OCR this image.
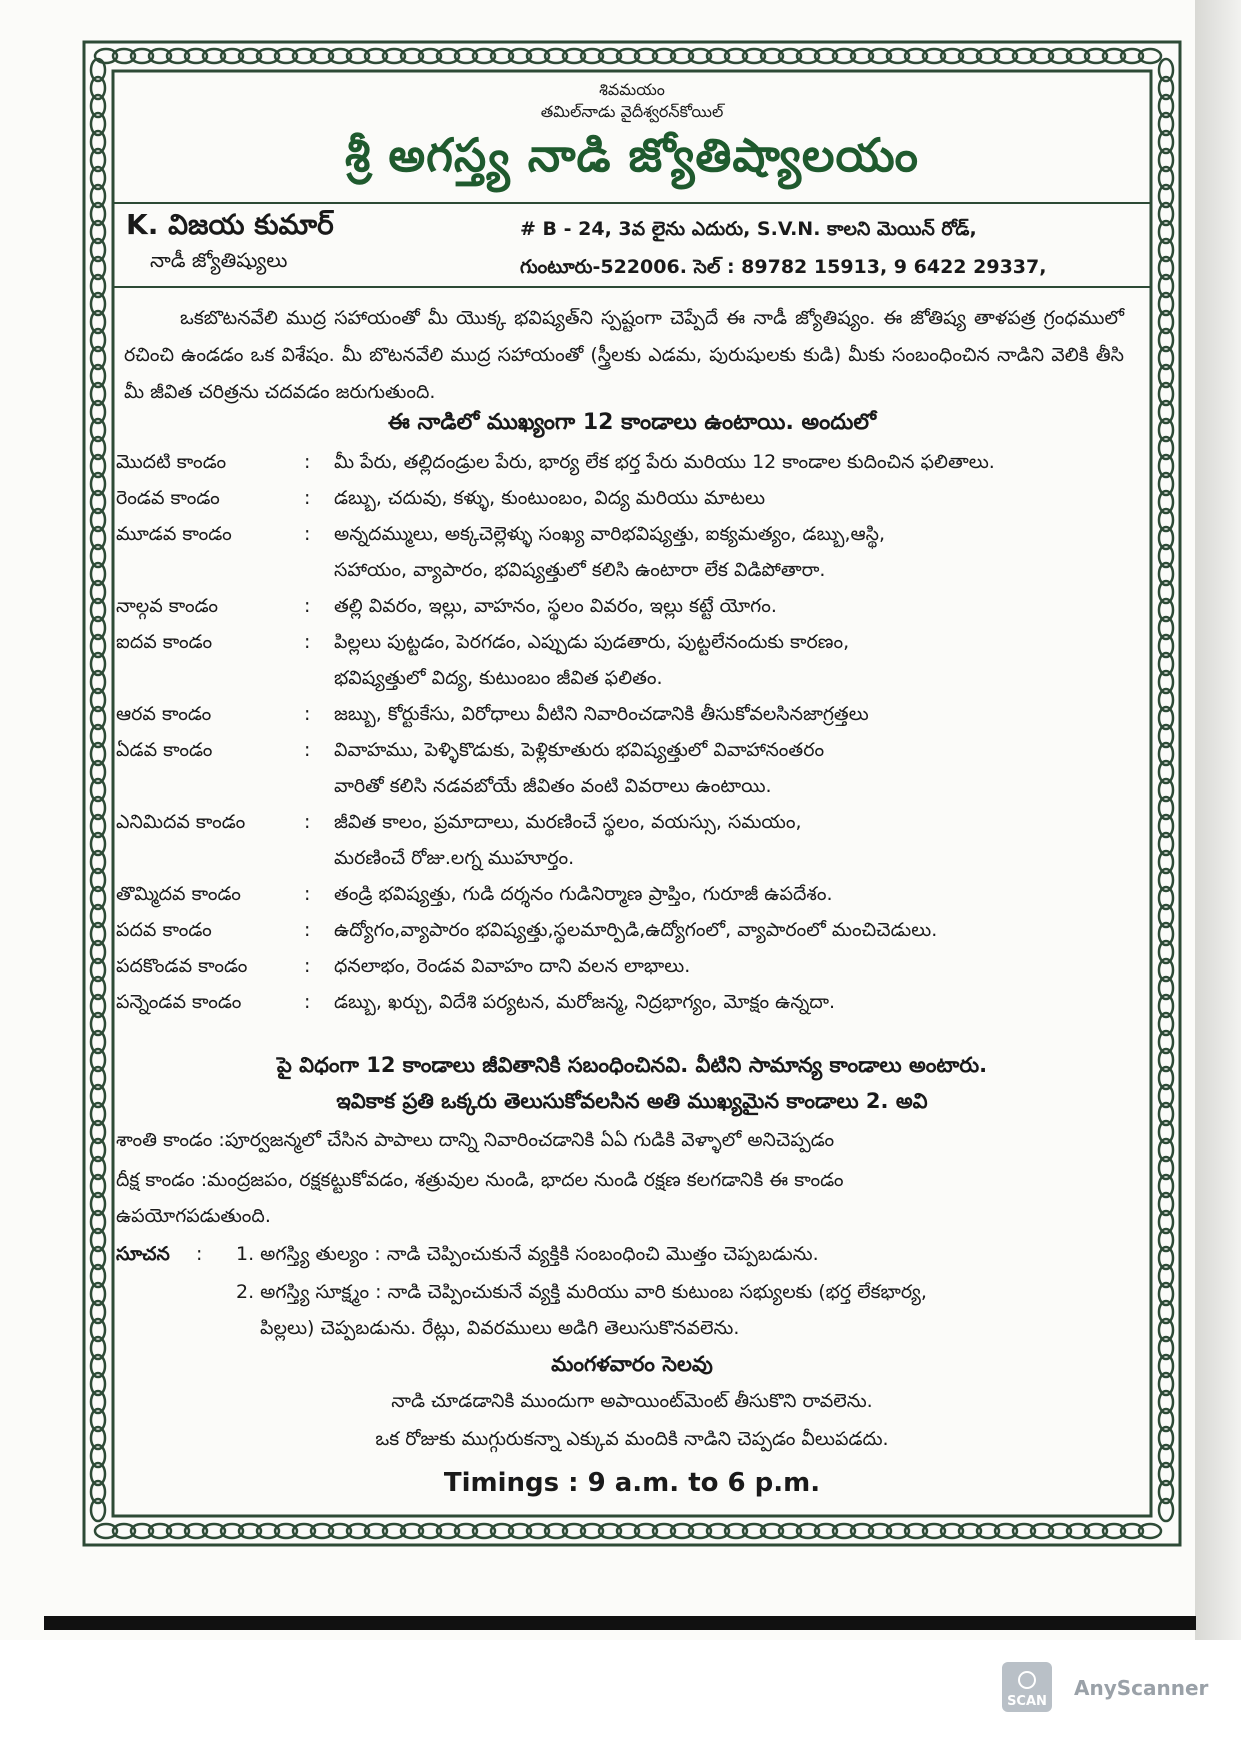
శివమయం
తమిల్‌నాడు వైదీశ్వరన్‌కోయిల్
శ్రీ అగస్త్య నాడి జ్యోతిష్యాలయం
K. విజయ కుమార్
నాడీ జ్యోతిష్యులు
# B - 24, 3వ లైను ఎదురు, S.V.N. కాలని మెయిన్ రోడ్,
గుంటూరు-522006. సెల్ : 89782 15913, 9 6422 29337,
ఒకబొటనవేలి ముద్ర సహాయంతో మీ యొక్క భవిష్యత్‌ని స్పష్టంగా చెప్పేదే ఈ నాడీ జ్యోతిష్యం. ఈ జోతిష్య తాళపత్ర గ్రంధములో రచించి ఉండడం ఒక విశేషం. మీ బొటనవేలి ముద్ర సహాయంతో (స్త్రీలకు ఎడమ, పురుషులకు కుడి) మీకు సంబంధించిన నాడిని వెలికి తీసి మీ జీవిత చరిత్రను చదవడం జరుగుతుంది.
ఈ నాడిలో ముఖ్యంగా 12 కాండాలు ఉంటాయి. అందులో
మొదటి కాండం	: మీ పేరు, తల్లిదండ్రుల పేరు, భార్య లేక భర్త పేరు మరియు 12 కాండాల కుదించిన ఫలితాలు.
రెండవ కాండం	: డబ్బు, చదువు, కళ్ళు, కుంటుంబం, విద్య మరియు మాటలు
మూడవ కాండం	: అన్నదమ్ములు, అక్కచెల్లెళ్ళు సంఖ్య వారిభవిష్యత్తు, ఐక్యమత్యం, డబ్బు,ఆస్థి,
సహాయం, వ్యాపారం, భవిష్యత్తులో కలిసి ఉంటారా లేక విడిపోతారా.
నాల్గవ కాండం	: తల్లి వివరం, ఇల్లు, వాహనం, స్థలం వివరం, ఇల్లు కట్టే యోగం.
ఐదవ కాండం	: పిల్లలు పుట్టడం, పెరగడం, ఎప్పుడు పుడతారు, పుట్టలేనందుకు కారణం,
భవిష్యత్తులో విద్య, కుటుంబం జీవిత ఫలితం.
ఆరవ కాండం	: జబ్బు, కోర్టుకేసు, విరోధాలు వీటిని నివారించడానికి తీసుకోవలసినజాగ్రత్తలు
ఏడవ కాండం	: వివాహము, పెళ్ళికొడుకు, పెళ్లికూతురు భవిష్యత్తులో వివాహానంతరం
వారితో కలిసి నడవబోయే జీవితం వంటి వివరాలు ఉంటాయి.
ఎనిమిదవ కాండం	: జీవిత కాలం, ప్రమాదాలు, మరణించే స్థలం, వయస్సు, సమయం,
మరణించే రోజు.లగ్న ముహూర్తం.
తొమ్మిదవ కాండం	: తండ్రి భవిష్యత్తు, గుడి దర్శనం గుడినిర్మాణ ప్రాప్తిం, గురూజీ ఉపదేశం.
పదవ కాండం	: ఉద్యోగం,వ్యాపారం భవిష్యత్తు,స్థలమార్పిడి,ఉద్యోగంలో, వ్యాపారంలో మంచిచెడులు.
పదకొండవ కాండం	: ధనలాభం, రెండవ వివాహం దాని వలన లాభాలు.
పన్నెండవ కాండం	: డబ్బు, ఖర్చు, విదేశి పర్యటన, మరోజన్మ, నిద్రభాగ్యం, మోక్షం ఉన్నదా.
పై విధంగా 12 కాండాలు జీవితానికి సబంధించినవి. వీటిని సామాన్య కాండాలు అంటారు.
ఇవికాక ప్రతి ఒక్కరు తెలుసుకోవలసిన అతి ముఖ్యమైన కాండాలు 2. అవి
శాంతి కాండం :పూర్వజన్మలో చేసిన పాపాలు దాన్ని నివారించడానికి ఏఏ గుడికి వెళ్ళాలో అనిచెప్పడం
దీక్ష కాండం :మంద్రజపం, రక్షకట్టుకోవడం, శత్రువుల నుండి, భాదల నుండి రక్షణ కలగడానికి ఈ కాండం
ఉపయోగపడుతుంది.
సూచన	:	1. అగస్త్యి తుల్యం : నాడి చెప్పించుకునే వ్యక్తికి సంబంధించి మొత్తం చెప్పబడును.
2. అగస్త్యి సూక్ష్మం : నాడి చెప్పించుకునే వ్యక్తి మరియు వారి కుటుంబ సభ్యులకు (భర్త లేకభార్య,
పిల్లలు) చెప్పబడును. రేట్లు, వివరములు అడిగి తెలుసుకొనవలెను.
మంగళవారం సెలవు
నాడి చూడడానికి ముందుగా అపాయింట్‌మెంట్ తీసుకొని రావలెను.
ఒక రోజుకు ముగ్గురుకన్నా ఎక్కువ మందికి నాడిని చెప్పడం వీలుపడదు.
Timings : 9 a.m. to 6 p.m.
SCAN
AnyScanner
